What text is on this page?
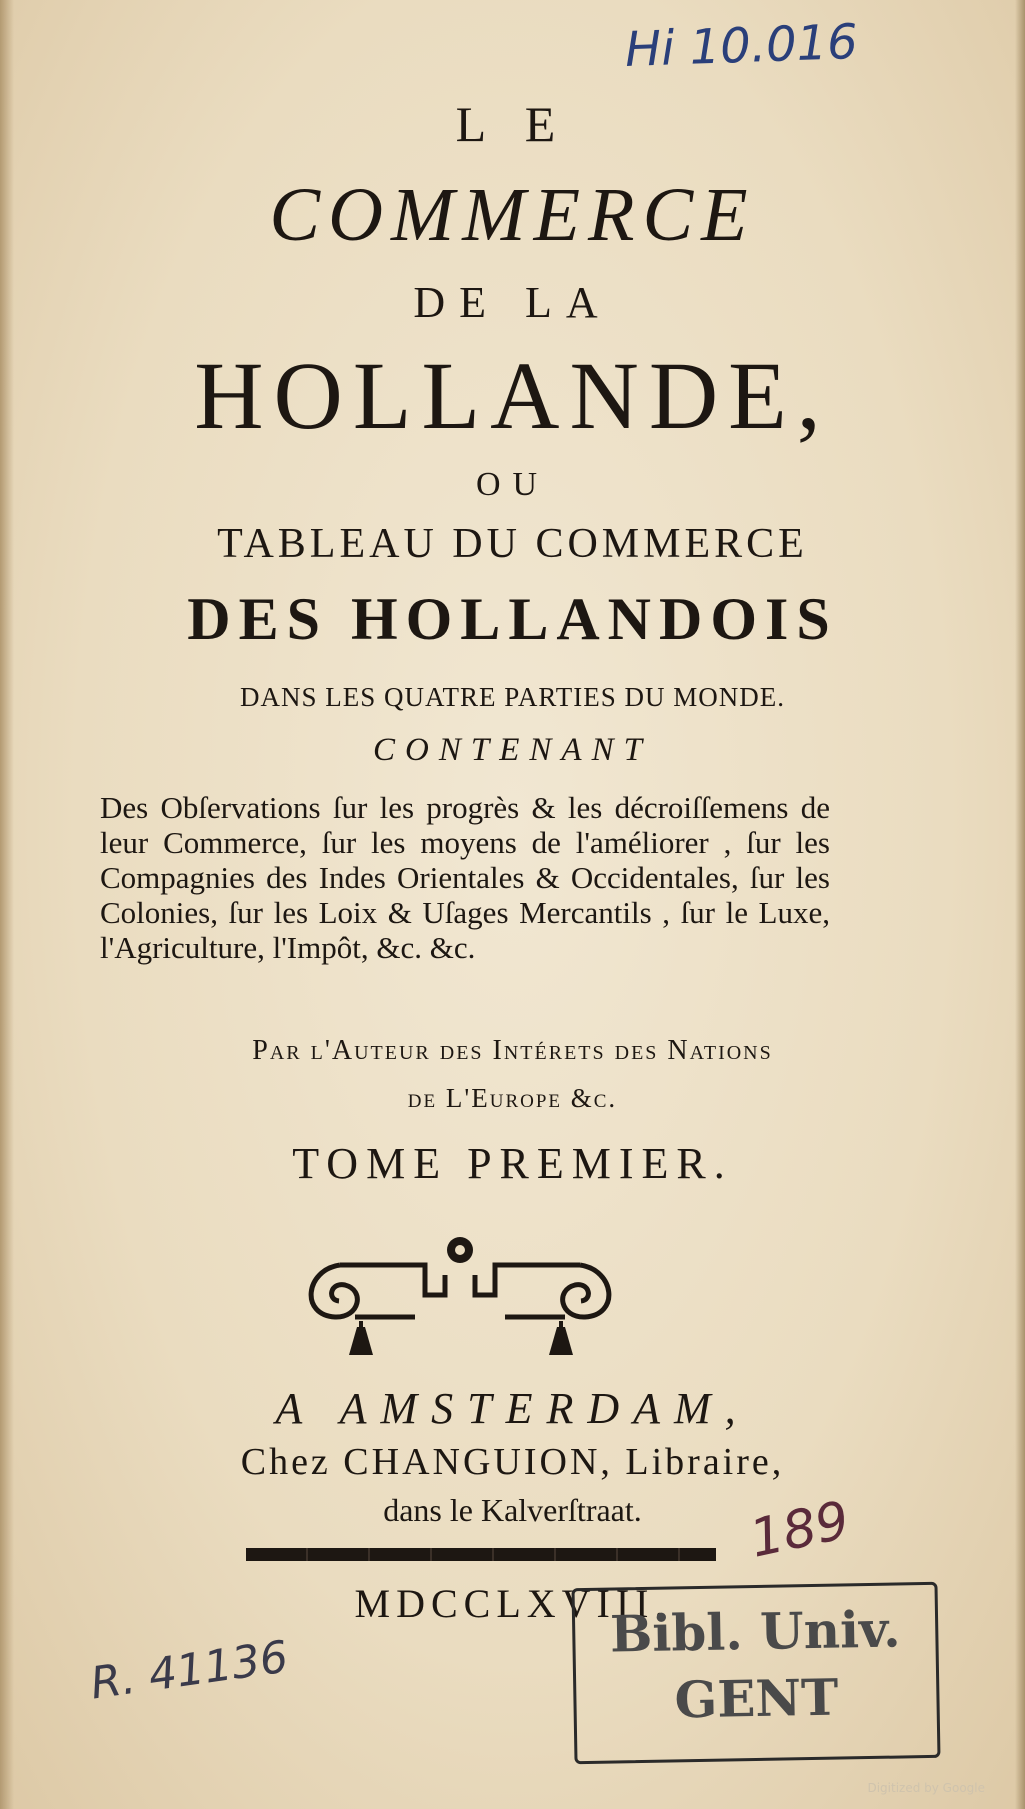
Hi 10.016
L E
COMMERCE
DE LA
HOLLANDE,
OU
TABLEAU DU COMMERCE
DES HOLLANDOIS
DANS LES QUATRE PARTIES DU MONDE.
CONTENANT
Des Obſervations ſur les progrès & les décroiſſemens de leur Commerce, ſur les moyens de l'améliorer , ſur les Compagnies des Indes Orientales & Occidentales, ſur les Colonies, ſur les Loix & Uſages Mercantils , ſur le Luxe, l'Agriculture, l'Impôt, &c. &c.
Par l'Auteur des Intérets des Nations
de L'Europe &c.
TOME PREMIER.
A AMSTERDAM,
Chez CHANGUION, Libraire,
dans le Kalverſtraat.
MDCCLXVIII.
189
R. 41136	Bibl. Univ.
GENT
Digitized by Google
